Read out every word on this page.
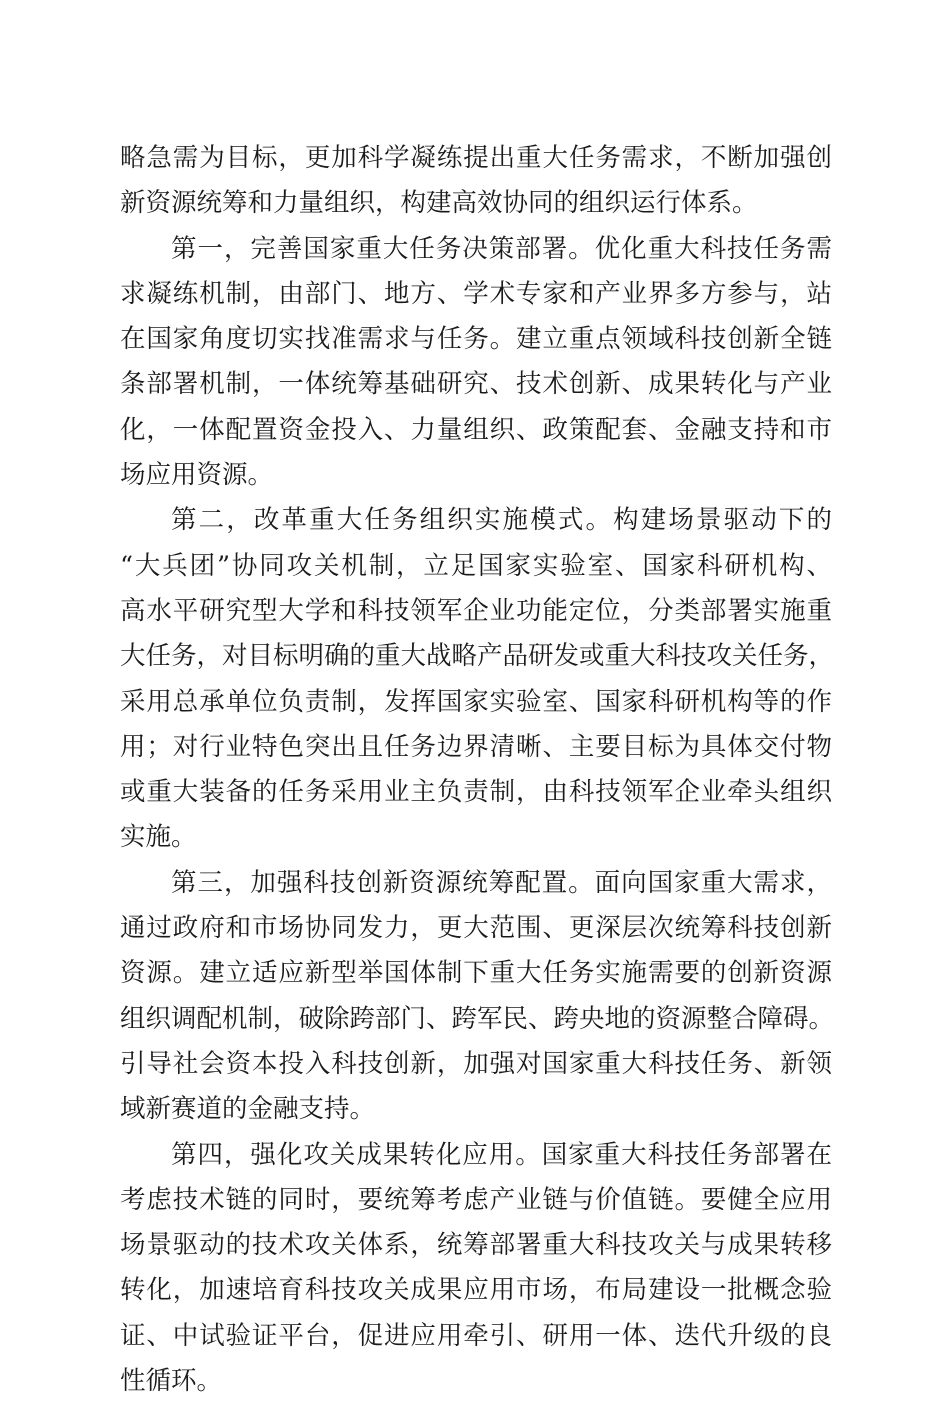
略急需为目标，更加科学凝练提出重大任务需求，不断加强创
新资源统筹和力量组织，构建高效协同的组织运行体系。
第一，完善国家重大任务决策部署。优化重大科技任务需
求凝练机制，由部门、地方、学术专家和产业界多方参与，站
在国家角度切实找准需求与任务。建立重点领域科技创新全链
条部署机制，一体统筹基础研究、技术创新、成果转化与产业
化，一体配置资金投入、力量组织、政策配套、金融支持和市
场应用资源。
第二，改革重大任务组织实施模式。构建场景驱动下的
“大兵团”协同攻关机制，立足国家实验室、国家科研机构、
高水平研究型大学和科技领军企业功能定位，分类部署实施重
大任务，对目标明确的重大战略产品研发或重大科技攻关任务，
采用总承单位负责制，发挥国家实验室、国家科研机构等的作
用；对行业特色突出且任务边界清晰、主要目标为具体交付物
或重大装备的任务采用业主负责制，由科技领军企业牵头组织
实施。
第三，加强科技创新资源统筹配置。面向国家重大需求，
通过政府和市场协同发力，更大范围、更深层次统筹科技创新
资源。建立适应新型举国体制下重大任务实施需要的创新资源
组织调配机制，破除跨部门、跨军民、跨央地的资源整合障碍。
引导社会资本投入科技创新，加强对国家重大科技任务、新领
域新赛道的金融支持。
第四，强化攻关成果转化应用。国家重大科技任务部署在
考虑技术链的同时，要统筹考虑产业链与价值链。要健全应用
场景驱动的技术攻关体系，统筹部署重大科技攻关与成果转移
转化，加速培育科技攻关成果应用市场，布局建设一批概念验
证、中试验证平台，促进应用牵引、研用一体、迭代升级的良
性循环。
